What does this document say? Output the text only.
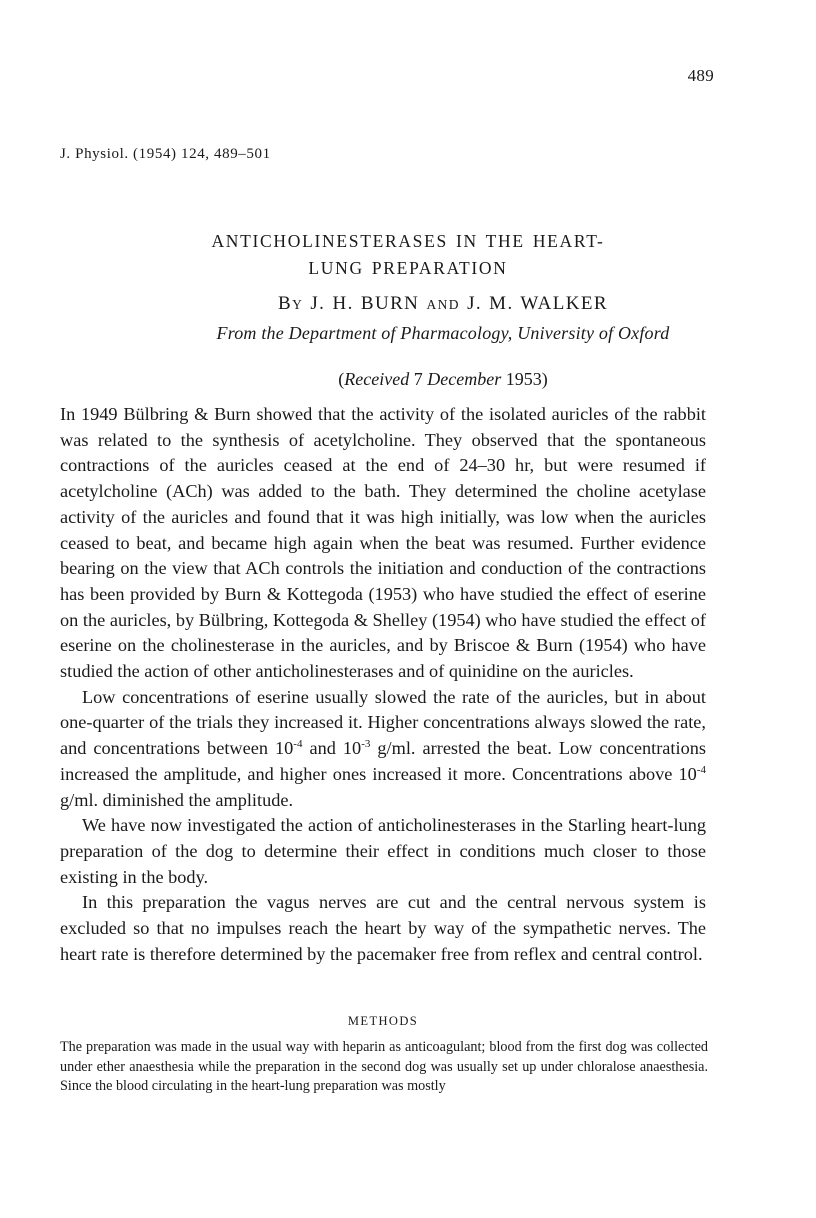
489
J. Physiol. (1954) 124, 489–501
ANTICHOLINESTERASES IN THE HEART-
LUNG PREPARATION
BY J. H. BURN AND J. M. WALKER
From the Department of Pharmacology, University of Oxford
(Received 7 December 1953)

In 1949 Bülbring & Burn showed that the activity of the isolated auricles of the rabbit was related to the synthesis of acetylcholine. They observed that the spontaneous contractions of the auricles ceased at the end of 24–30 hr, but were resumed if acetylcholine (ACh) was added to the bath. They determined the choline acetylase activity of the auricles and found that it was high initially, was low when the auricles ceased to beat, and became high again when the beat was resumed. Further evidence bearing on the view that ACh controls the initiation and conduction of the contractions has been provided by Burn & Kottegoda (1953) who have studied the effect of eserine on the auricles, by Bülbring, Kottegoda & Shelley (1954) who have studied the effect of eserine on the cholinesterase in the auricles, and by Briscoe & Burn (1954) who have studied the action of other anticholinesterases and of quinidine on the auricles.

Low concentrations of eserine usually slowed the rate of the auricles, but in about one-quarter of the trials they increased it. Higher concentrations always slowed the rate, and concentrations between $10^{-4}$ and $10^{-3}$ g/ml. arrested the beat. Low concentrations increased the amplitude, and higher ones increased it more. Concentrations above $10^{-4}$ g/ml. diminished the amplitude.

We have now investigated the action of anticholinesterases in the Starling heart-lung preparation of the dog to determine their effect in conditions much closer to those existing in the body.

In this preparation the vagus nerves are cut and the central nervous system is excluded so that no impulses reach the heart by way of the sympathetic nerves. The heart rate is therefore determined by the pacemaker free from reflex and central control.

METHODS

The preparation was made in the usual way with heparin as anticoagulant; blood from the first dog was collected under ether anaesthesia while the preparation in the second dog was usually set up under chloralose anaesthesia. Since the blood circulating in the heart-lung preparation was mostly
